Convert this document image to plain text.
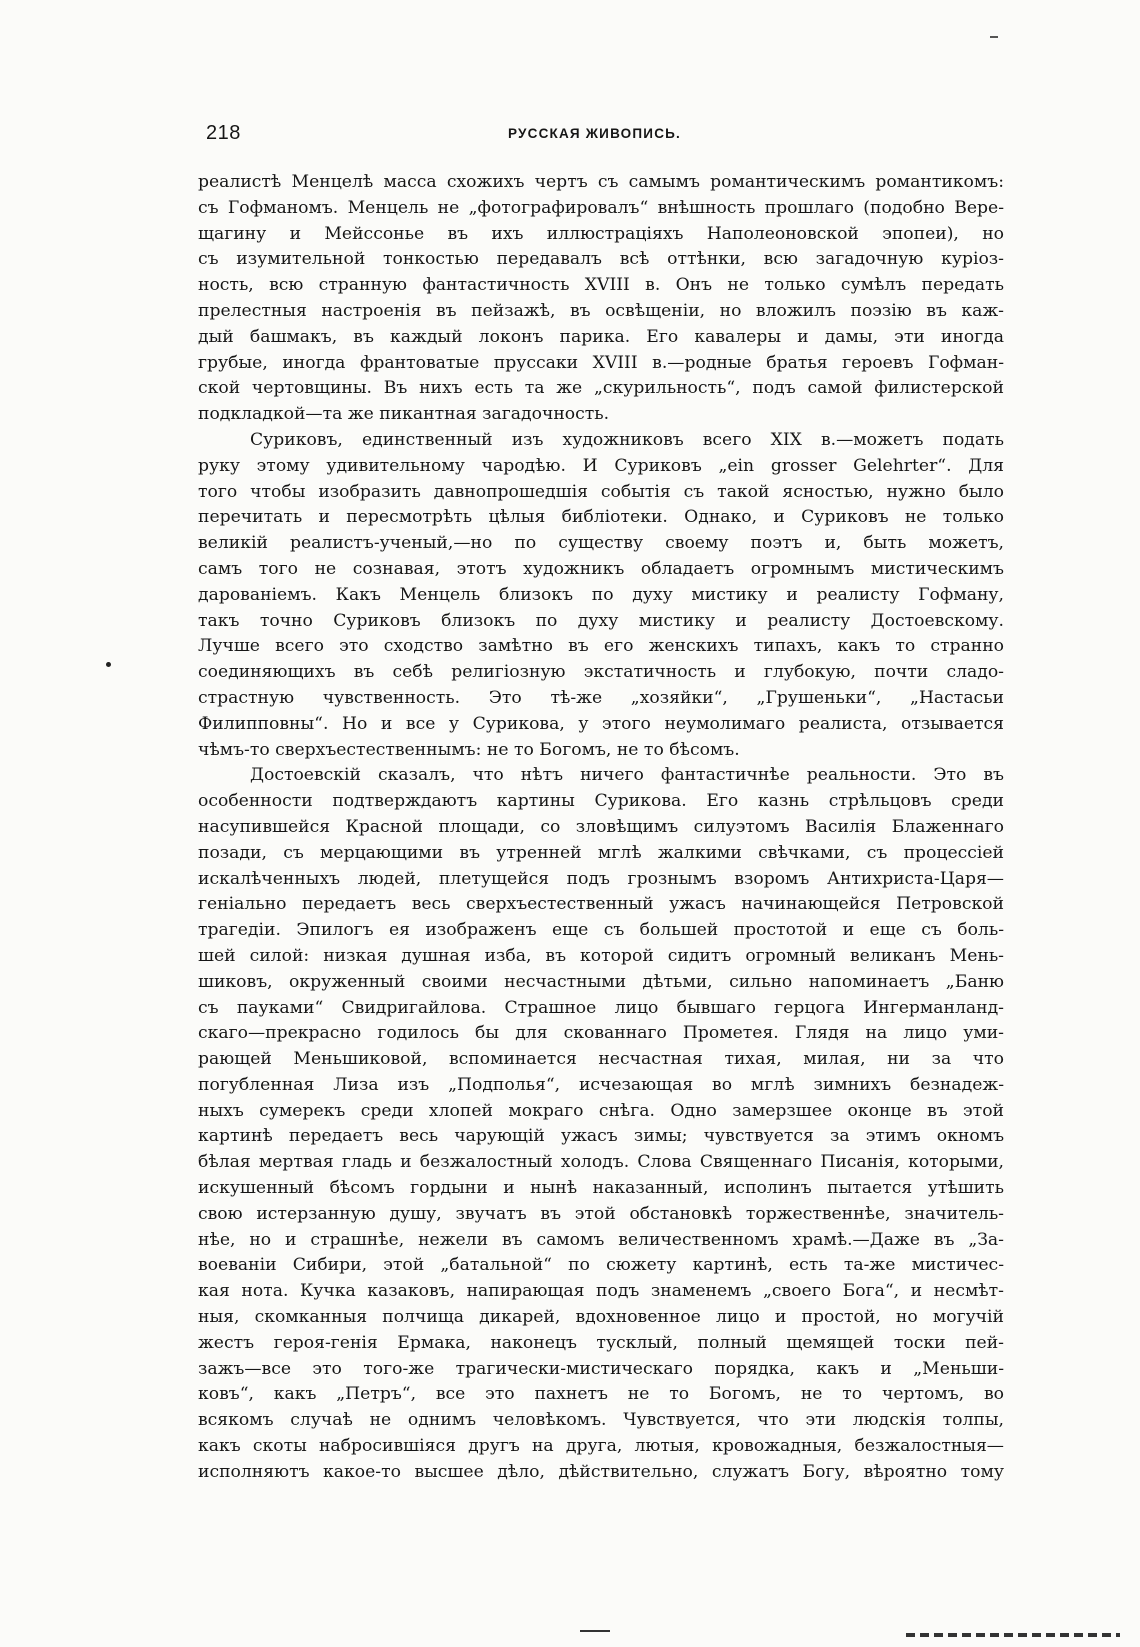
218	РУССКАЯ ЖИВОПИСЬ.
реалистѣ Менцелѣ масса схожихъ чертъ съ самымъ романтическимъ романтикомъ:
съ Гофманомъ. Менцель не „фотографировалъ“ внѣшность прошлаго (подобно Вере-
щагину и Мейссонье въ ихъ иллюстраціяхъ Наполеоновской эпопеи), но
съ изумительной тонкостью передавалъ всѣ оттѣнки, всю загадочную куріоз-
ность, всю странную фантастичность XVIII в. Онъ не только сумѣлъ передать
прелестныя настроенія въ пейзажѣ, въ освѣщеніи, но вложилъ поэзію въ каж-
дый башмакъ, въ каждый локонъ парика. Его кавалеры и дамы, эти иногда
грубые, иногда франтоватые пруссаки XVIII в.—родные братья героевъ Гофман-
ской чертовщины. Въ нихъ есть та же „скурильность“, подъ самой филистерской
подкладкой—та же пикантная загадочность.
Суриковъ, единственный изъ художниковъ всего XIX в.—можетъ подать
руку этому удивительному чародѣю. И Суриковъ „ein grosser Gelehrter“. Для
того чтобы изобразить давнопрошедшія событія съ такой ясностью, нужно было
перечитать и пересмотрѣть цѣлыя библіотеки. Однако, и Суриковъ не только
великій реалистъ-ученый,—но по существу своему поэтъ и, быть можетъ,
самъ того не сознавая, этотъ художникъ обладаетъ огромнымъ мистическимъ
дарованіемъ. Какъ Менцель близокъ по духу мистику и реалисту Гофману,
такъ точно Суриковъ близокъ по духу мистику и реалисту Достоевскому.
Лучше всего это сходство замѣтно въ его женскихъ типахъ, какъ то странно
соединяющихъ въ себѣ религіозную экстатичность и глубокую, почти сладо-
страстную чувственность. Это тѣ-же „хозяйки“, „Грушеньки“, „Настасьи
Филипповны“. Но и все у Сурикова, у этого неумолимаго реалиста, отзывается
чѣмъ-то сверхъестественнымъ: не то Богомъ, не то бѣсомъ.
Достоевскій сказалъ, что нѣтъ ничего фантастичнѣе реальности. Это въ
особенности подтверждаютъ картины Сурикова. Его казнь стрѣльцовъ среди
насупившейся Красной площади, со зловѣщимъ силуэтомъ Василія Блаженнаго
позади, съ мерцающими въ утренней мглѣ жалкими свѣчками, съ процессіей
искалѣченныхъ людей, плетущейся подъ грознымъ взоромъ Антихриста-Царя—
геніально передаетъ весь сверхъестественный ужасъ начинающейся Петровской
трагедіи. Эпилогъ ея изображенъ еще съ большей простотой и еще съ боль-
шей силой: низкая душная изба, въ которой сидитъ огромный великанъ Мень-
шиковъ, окруженный своими несчастными дѣтьми, сильно напоминаетъ „Баню
съ пауками“ Свидригайлова. Страшное лицо бывшаго герцога Ингерманланд-
скаго—прекрасно годилось бы для скованнаго Прометея. Глядя на лицо уми-
рающей Меньшиковой, вспоминается несчастная тихая, милая, ни за что
погубленная Лиза изъ „Подполья“, исчезающая во мглѣ зимнихъ безнадеж-
ныхъ сумерекъ среди хлопей мокраго снѣга. Одно замерзшее оконце въ этой
картинѣ передаетъ весь чарующій ужасъ зимы; чувствуется за этимъ окномъ
бѣлая мертвая гладь и безжалостный холодъ. Слова Священнаго Писанія, которыми,
искушенный бѣсомъ гордыни и нынѣ наказанный, исполинъ пытается утѣшить
свою истерзанную душу, звучатъ въ этой обстановкѣ торжественнѣе, значитель-
нѣе, но и страшнѣе, нежели въ самомъ величественномъ храмѣ.—Даже въ „За-
воеваніи Сибири, этой „батальной“ по сюжету картинѣ, есть та-же мистичес-
кая нота. Кучка казаковъ, напирающая подъ знаменемъ „своего Бога“, и несмѣт-
ныя, скомканныя полчища дикарей, вдохновенное лицо и простой, но могучій
жестъ героя-генія Ермака, наконецъ тусклый, полный щемящей тоски пей-
зажъ—все это того-же трагически-мистическаго порядка, какъ и „Меньши-
ковъ“, какъ „Петръ“, все это пахнетъ не то Богомъ, не то чертомъ, во
всякомъ случаѣ не однимъ человѣкомъ. Чувствуется, что эти людскія толпы,
какъ скоты набросившіяся другъ на друга, лютыя, кровожадныя, безжалостныя—
исполняютъ какое-то высшее дѣло, дѣйствительно, служатъ Богу, вѣроятно тому
